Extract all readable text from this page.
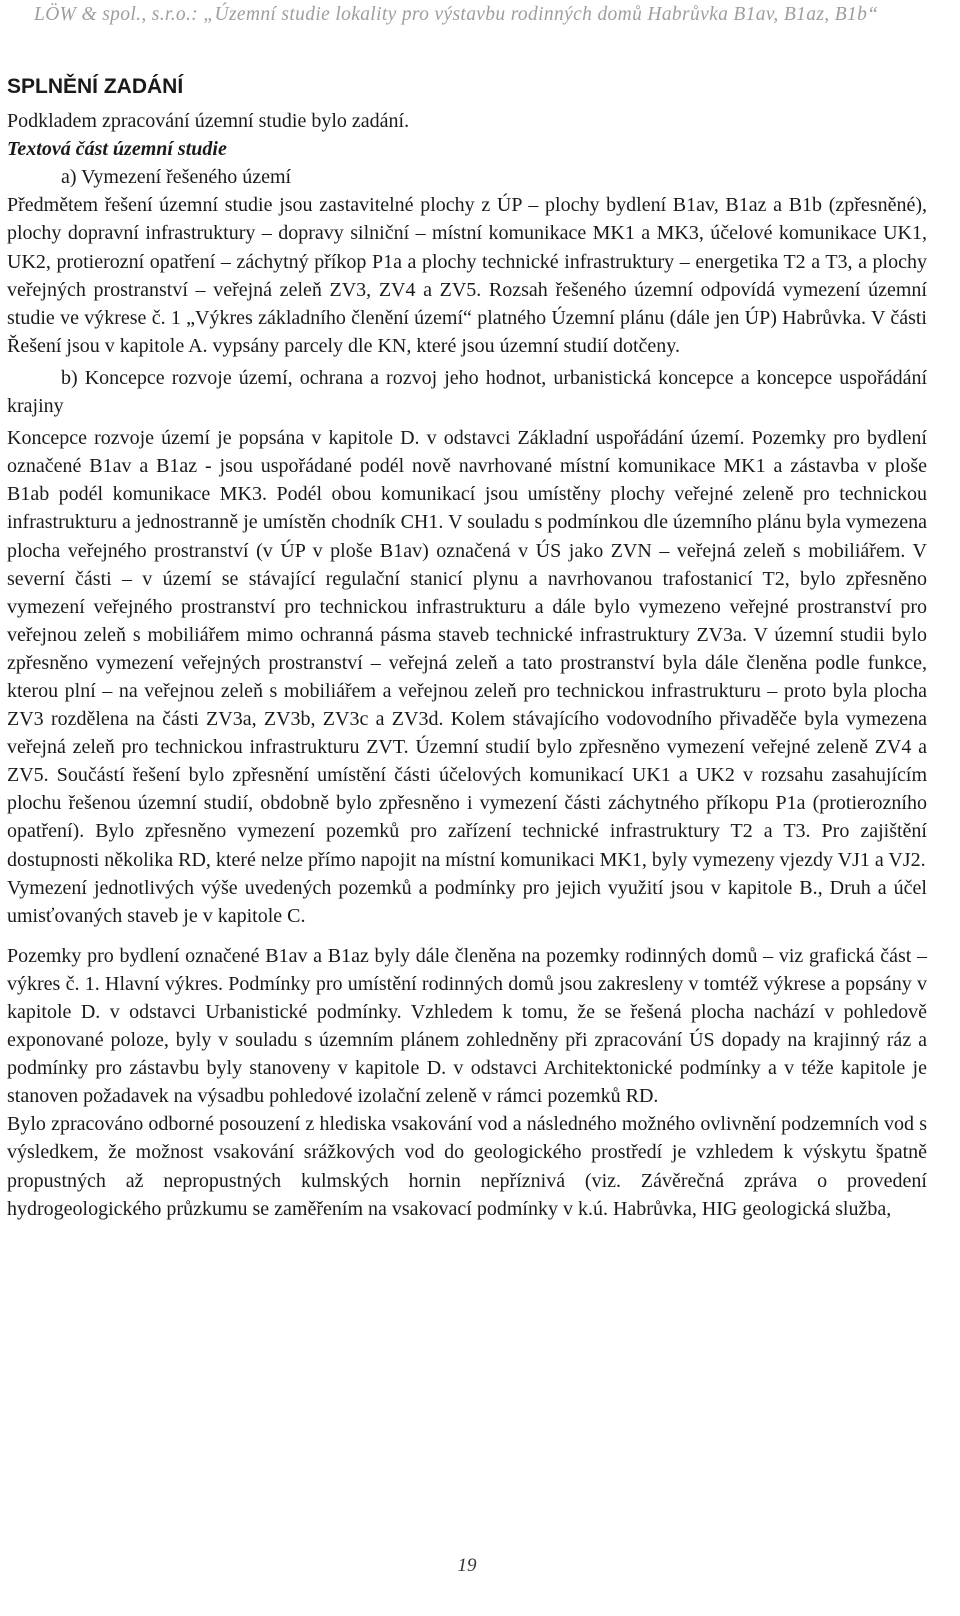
LÖW & spol., s.r.o.: „Územní studie lokality pro výstavbu rodinných domů Habrůvka B1av, B1az, B1b“

SPLNĚNÍ ZADÁNÍ

Podkladem zpracování územní studie bylo zadání.

Textová část územní studie

a) Vymezení řešeného území

Předmětem řešení územní studie jsou zastavitelné plochy z ÚP – plochy bydlení B1av, B1az a B1b (zpřesněné), plochy dopravní infrastruktury – dopravy silniční – místní komunikace MK1 a MK3, účelové komunikace UK1, UK2, protierozní opatření – záchytný příkop P1a a plochy technické infrastruktury – energetika T2 a T3, a plochy veřejných prostranství – veřejná zeleň ZV3, ZV4 a ZV5. Rozsah řešeného územní odpovídá vymezení územní studie ve výkrese č. 1 „Výkres základního členění území“ platného Územní plánu (dále jen ÚP) Habrůvka. V části Řešení jsou v kapitole A. vypsány parcely dle KN, které jsou územní studií dotčeny.

b) Koncepce rozvoje území, ochrana a rozvoj jeho hodnot, urbanistická koncepce a koncepce uspořádání krajiny

Koncepce rozvoje území je popsána v kapitole D. v odstavci Základní uspořádání území. Pozemky pro bydlení označené B1av a B1az - jsou uspořádané podél nově navrhované místní komunikace MK1 a zástavba v ploše B1ab podél komunikace MK3. Podél obou komunikací jsou umístěny plochy veřejné zeleně pro technickou infrastrukturu a jednostranně je umístěn chodník CH1. V souladu s podmínkou dle územního plánu byla vymezena plocha veřejného prostranství (v ÚP v ploše B1av) označená v ÚS jako ZVN – veřejná zeleň s mobiliářem. V severní části – v území se stávající regulační stanicí plynu a navrhovanou trafostanicí T2, bylo zpřesněno vymezení veřejného prostranství pro technickou infrastrukturu a dále bylo vymezeno veřejné prostranství pro veřejnou zeleň s mobiliářem mimo ochranná pásma staveb technické infrastruktury ZV3a. V územní studii bylo zpřesněno vymezení veřejných prostranství – veřejná zeleň a tato prostranství byla dále členěna podle funkce, kterou plní – na veřejnou zeleň s mobiliářem a veřejnou zeleň pro technickou infrastrukturu – proto byla plocha ZV3 rozdělena na části ZV3a, ZV3b, ZV3c a ZV3d. Kolem stávajícího vodovodního přivaděče byla vymezena veřejná zeleň pro technickou infrastrukturu ZVT. Územní studií bylo zpřesněno vymezení veřejné zeleně ZV4 a ZV5. Součástí řešení bylo zpřesnění umístění části účelových komunikací UK1 a UK2 v rozsahu zasahujícím plochu řešenou územní studií, obdobně bylo zpřesněno i vymezení části záchytného příkopu P1a (protierozního opatření). Bylo zpřesněno vymezení pozemků pro zařízení technické infrastruktury T2 a T3. Pro zajištění dostupnosti několika RD, které nelze přímo napojit na místní komunikaci MK1, byly vymezeny vjezdy VJ1 a VJ2.

Vymezení jednotlivých výše uvedených pozemků a podmínky pro jejich využití jsou v kapitole B., Druh a účel umisťovaných staveb je v kapitole C.

Pozemky pro bydlení označené B1av a B1az byly dále členěna na pozemky rodinných domů – viz grafická část – výkres č. 1. Hlavní výkres. Podmínky pro umístění rodinných domů jsou zakresleny v tomtéž výkrese a popsány v kapitole D. v odstavci Urbanistické podmínky. Vzhledem k tomu, že se řešená plocha nachází v pohledově exponované poloze, byly v souladu s územním plánem zohledněny při zpracování ÚS dopady na krajinný ráz a podmínky pro zástavbu byly stanoveny v kapitole D. v odstavci Architektonické podmínky a v téže kapitole je stanoven požadavek na výsadbu pohledové izolační zeleně v rámci pozemků RD.

Bylo zpracováno odborné posouzení z hlediska vsakování vod a následného možného ovlivnění podzemních vod s výsledkem, že možnost vsakování srážkových vod do geologického prostředí je vzhledem k výskytu špatně propustných až nepropustných kulmských hornin nepříznivá (viz. Závěrečná zpráva o provedení hydrogeologického průzkumu se zaměřením na vsakovací podmínky v k.ú. Habrůvka, HIG geologická služba,

19
